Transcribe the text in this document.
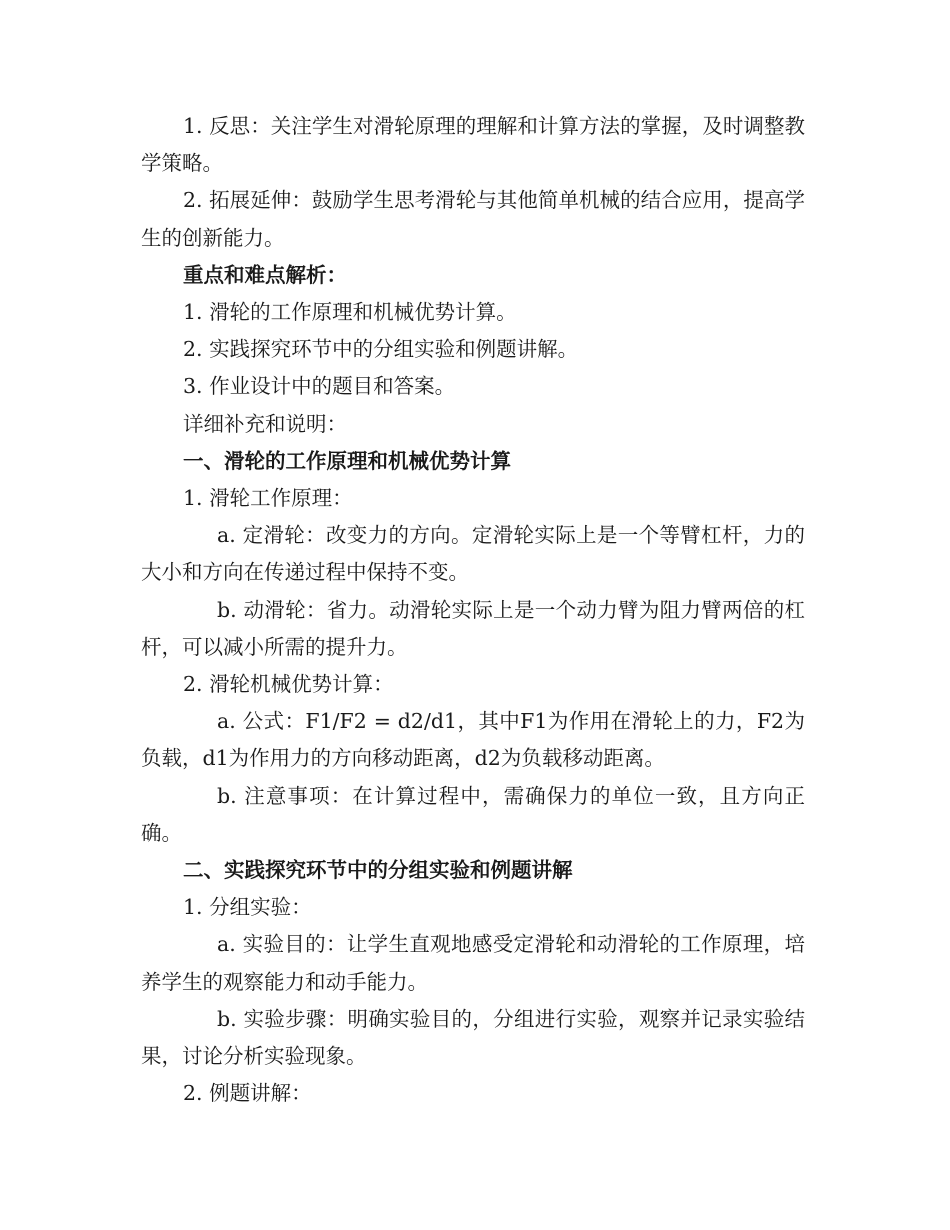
1. 反思：关注学生对滑轮原理的理解和计算方法的掌握，及时调整教学策略。

2. 拓展延伸：鼓励学生思考滑轮与其他简单机械的结合应用，提高学生的创新能力。

重点和难点解析：

1. 滑轮的工作原理和机械优势计算。

2. 实践探究环节中的分组实验和例题讲解。

3. 作业设计中的题目和答案。

详细补充和说明：

一、滑轮的工作原理和机械优势计算

1. 滑轮工作原理：

a. 定滑轮：改变力的方向。定滑轮实际上是一个等臂杠杆，力的大小和方向在传递过程中保持不变。

b. 动滑轮：省力。动滑轮实际上是一个动力臂为阻力臂两倍的杠杆，可以减小所需的提升力。

2. 滑轮机械优势计算：

a. 公式：F1/F2 = d2/d1，其中F1为作用在滑轮上的力，F2为负载，d1为作用力的方向移动距离，d2为负载移动距离。

b. 注意事项：在计算过程中，需确保力的单位一致，且方向正确。

二、实践探究环节中的分组实验和例题讲解

1. 分组实验：

a. 实验目的：让学生直观地感受定滑轮和动滑轮的工作原理，培养学生的观察能力和动手能力。

b. 实验步骤：明确实验目的，分组进行实验，观察并记录实验结果，讨论分析实验现象。

2. 例题讲解：
